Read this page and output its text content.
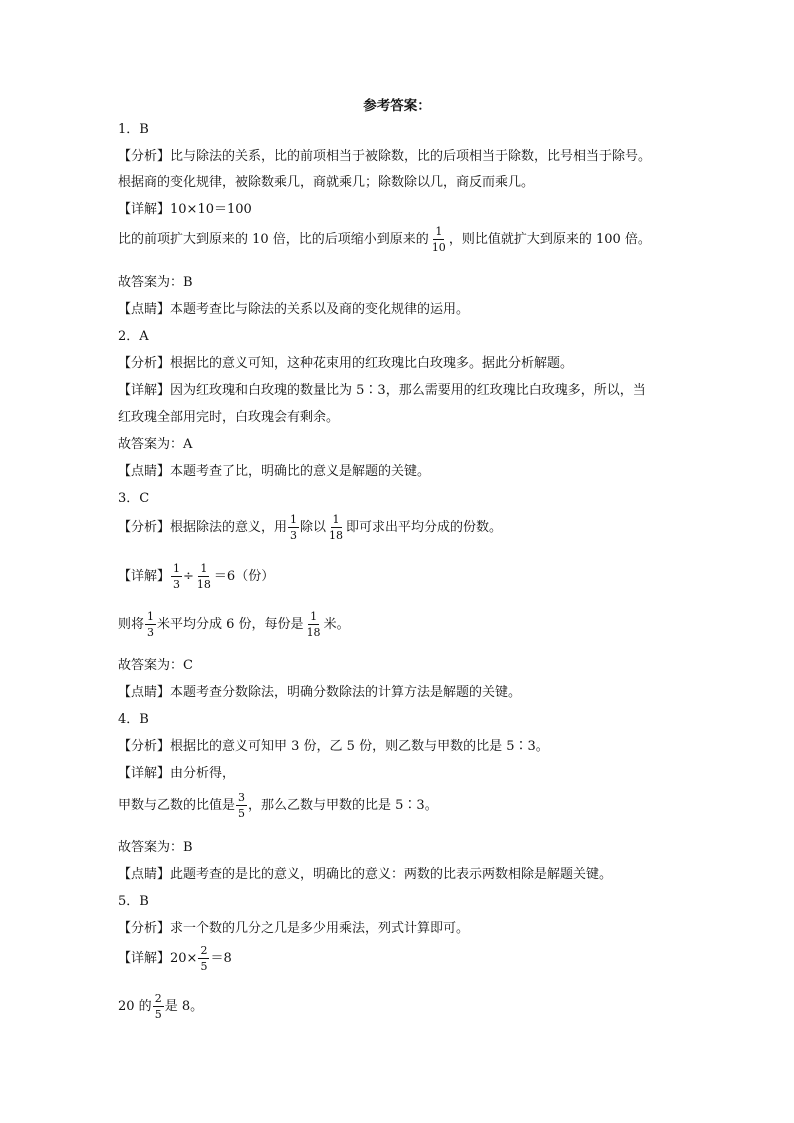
参考答案：
1．B
【分析】比与除法的关系，比的前项相当于被除数，比的后项相当于除数，比号相当于除号。
根据商的变化规律，被除数乘几，商就乘几；除数除以几，商反而乘几。
【详解】10×10＝100
比的前项扩大到原来的 10 倍，比的后项缩小到原来的 $\frac{1}{10}$ ，则比值就扩大到原来的 100 倍。
故答案为：B
【点睛】本题考查比与除法的关系以及商的变化规律的运用。
2．A
【分析】根据比的意义可知，这种花束用的红玫瑰比白玫瑰多。据此分析解题。
【详解】因为红玫瑰和白玫瑰的数量比为 5∶3，那么需要用的红玫瑰比白玫瑰多，所以，当
红玫瑰全部用完时，白玫瑰会有剩余。
故答案为：A
【点睛】本题考查了比，明确比的意义是解题的关键。
3．C
【分析】根据除法的意义，用 $\frac{1}{3}$ 除以 $\frac{1}{18}$ 即可求出平均分成的份数。
【详解】 $\frac{1}{3} \div \frac{1}{18} =6$（份）
则将 $\frac{1}{3}$ 米平均分成 6 份，每份是 $\frac{1}{18}$ 米。
故答案为：C
【点睛】本题考查分数除法，明确分数除法的计算方法是解题的关键。
4．B
【分析】根据比的意义可知甲 3 份，乙 5 份，则乙数与甲数的比是 5∶3。
【详解】由分析得，
甲数与乙数的比值是 $\frac{3}{5}$ ，那么乙数与甲数的比是 5∶3。
故答案为：B
【点睛】此题考查的是比的意义，明确比的意义：两数的比表示两数相除是解题关键。
5．B
【分析】求一个数的几分之几是多少用乘法，列式计算即可。
【详解】$20\times \frac{2}{5} =8$
20 的 $\frac{2}{5}$ 是 8。
